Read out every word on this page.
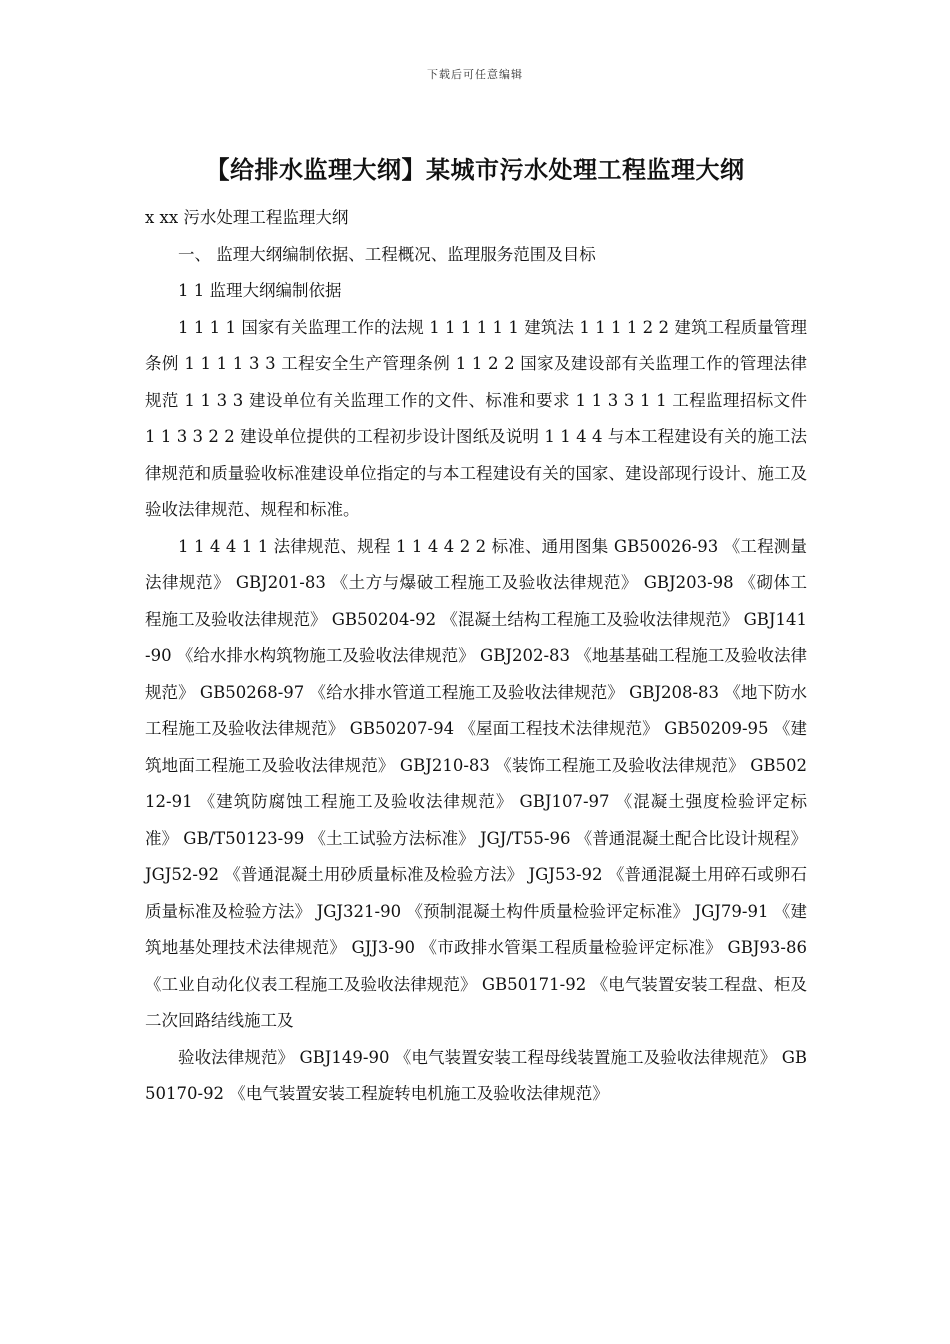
下载后可任意编辑
【给排水监理大纲】某城市污水处理工程监理大纲

x xx 污水处理工程监理大纲

一、 监理大纲编制依据、工程概况、监理服务范围及目标

1 1 监理大纲编制依据

1 1 1 1 国家有关监理工作的法规 1 1 1 1 1 1 建筑法 1 1 1 1 2 2 建筑工程质量管理条例 1 1 1 1 3 3 工程安全生产管理条例 1 1 2 2 国家及建设部有关监理工作的管理法律规范 1 1 3 3 建设单位有关监理工作的文件、标准和要求 1 1 3 3 1 1 工程监理招标文件 1 1 3 3 2 2 建设单位提供的工程初步设计图纸及说明 1 1 4 4 与本工程建设有关的施工法律规范和质量验收标准建设单位指定的与本工程建设有关的国家、建设部现行设计、施工及验收法律规范、规程和标准。

1 1 4 4 1 1 法律规范、规程 1 1 4 4 2 2 标准、通用图集 GB50026-93 《工程测量法律规范》 GBJ201-83 《土方与爆破工程施工及验收法律规范》 GBJ203-98 《砌体工程施工及验收法律规范》 GB50204-92 《混凝土结构工程施工及验收法律规范》 GBJ141-90 《给水排水构筑物施工及验收法律规范》 GBJ202-83 《地基基础工程施工及验收法律规范》 GB50268-97 《给水排水管道工程施工及验收法律规范》 GBJ208-83 《地下防水工程施工及验收法律规范》 GB50207-94 《屋面工程技术法律规范》 GB50209-95 《建筑地面工程施工及验收法律规范》 GBJ210-83 《装饰工程施工及验收法律规范》 GB50212-91 《建筑防腐蚀工程施工及验收法律规范》 GBJ107-97 《混凝土强度检验评定标准》 GB/T50123-99 《土工试验方法标准》 JGJ/T55-96 《普通混凝土配合比设计规程》 JGJ52-92 《普通混凝土用砂质量标准及检验方法》 JGJ53-92 《普通混凝土用碎石或卵石质量标准及检验方法》 JGJ321-90 《预制混凝土构件质量检验评定标准》 JGJ79-91 《建筑地基处理技术法律规范》 GJJ3-90 《市政排水管渠工程质量检验评定标准》 GBJ93-86 《工业自动化仪表工程施工及验收法律规范》 GB50171-92 《电气装置安装工程盘、柜及二次回路结线施工及

验收法律规范》 GBJ149-90 《电气装置安装工程母线装置施工及验收法律规范》 GB50170-92 《电气装置安装工程旋转电机施工及验收法律规范》
